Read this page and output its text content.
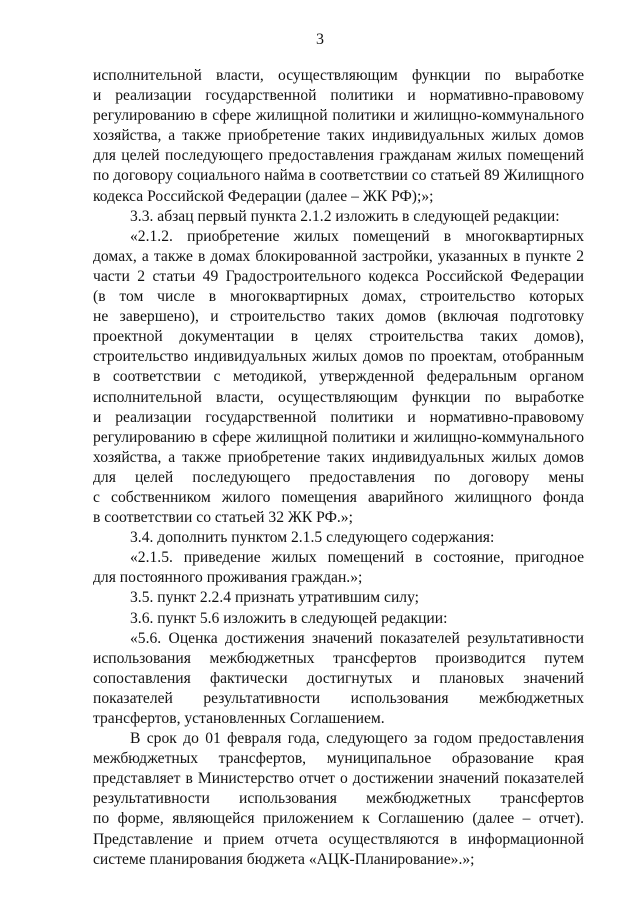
3

исполнительной власти, осуществляющим функции по выработке

и реализации государственной политики и нормативно-правовому

регулированию в сфере жилищной политики и жилищно-коммунального

хозяйства, а также приобретение таких индивидуальных жилых домов

для целей последующего предоставления гражданам жилых помещений

по договору социального найма в соответствии со статьей 89 Жилищного

кодекса Российской Федерации (далее – ЖК РФ);»;

3.3. абзац первый пункта 2.1.2 изложить в следующей редакции:

«2.1.2. приобретение жилых помещений в многоквартирных

домах, а также в домах блокированной застройки, указанных в пункте 2

части 2 статьи 49 Градостроительного кодекса Российской Федерации

(в том числе в многоквартирных домах, строительство которых

не завершено), и строительство таких домов (включая подготовку

проектной документации в целях строительства таких домов),

строительство индивидуальных жилых домов по проектам, отобранным

в соответствии с методикой, утвержденной федеральным органом

исполнительной власти, осуществляющим функции по выработке

и реализации государственной политики и нормативно-правовому

регулированию в сфере жилищной политики и жилищно-коммунального

хозяйства, а также приобретение таких индивидуальных жилых домов

для целей последующего предоставления по договору мены

с собственником жилого помещения аварийного жилищного фонда

в соответствии со статьей 32 ЖК РФ.»;

3.4. дополнить пунктом 2.1.5 следующего содержания:

«2.1.5. приведение жилых помещений в состояние, пригодное

для постоянного проживания граждан.»;

3.5. пункт 2.2.4 признать утратившим силу;

3.6. пункт 5.6 изложить в следующей редакции:

«5.6. Оценка достижения значений показателей результативности

использования межбюджетных трансфертов производится путем

сопоставления фактически достигнутых и плановых значений

показателей результативности использования межбюджетных

трансфертов, установленных Соглашением.

В срок до 01 февраля года, следующего за годом предоставления

межбюджетных трансфертов, муниципальное образование края

представляет в Министерство отчет о достижении значений показателей

результативности использования межбюджетных трансфертов

по форме, являющейся приложением к Соглашению (далее – отчет).

Представление и прием отчета осуществляются в информационной

системе планирования бюджета «АЦК-Планирование».»;
